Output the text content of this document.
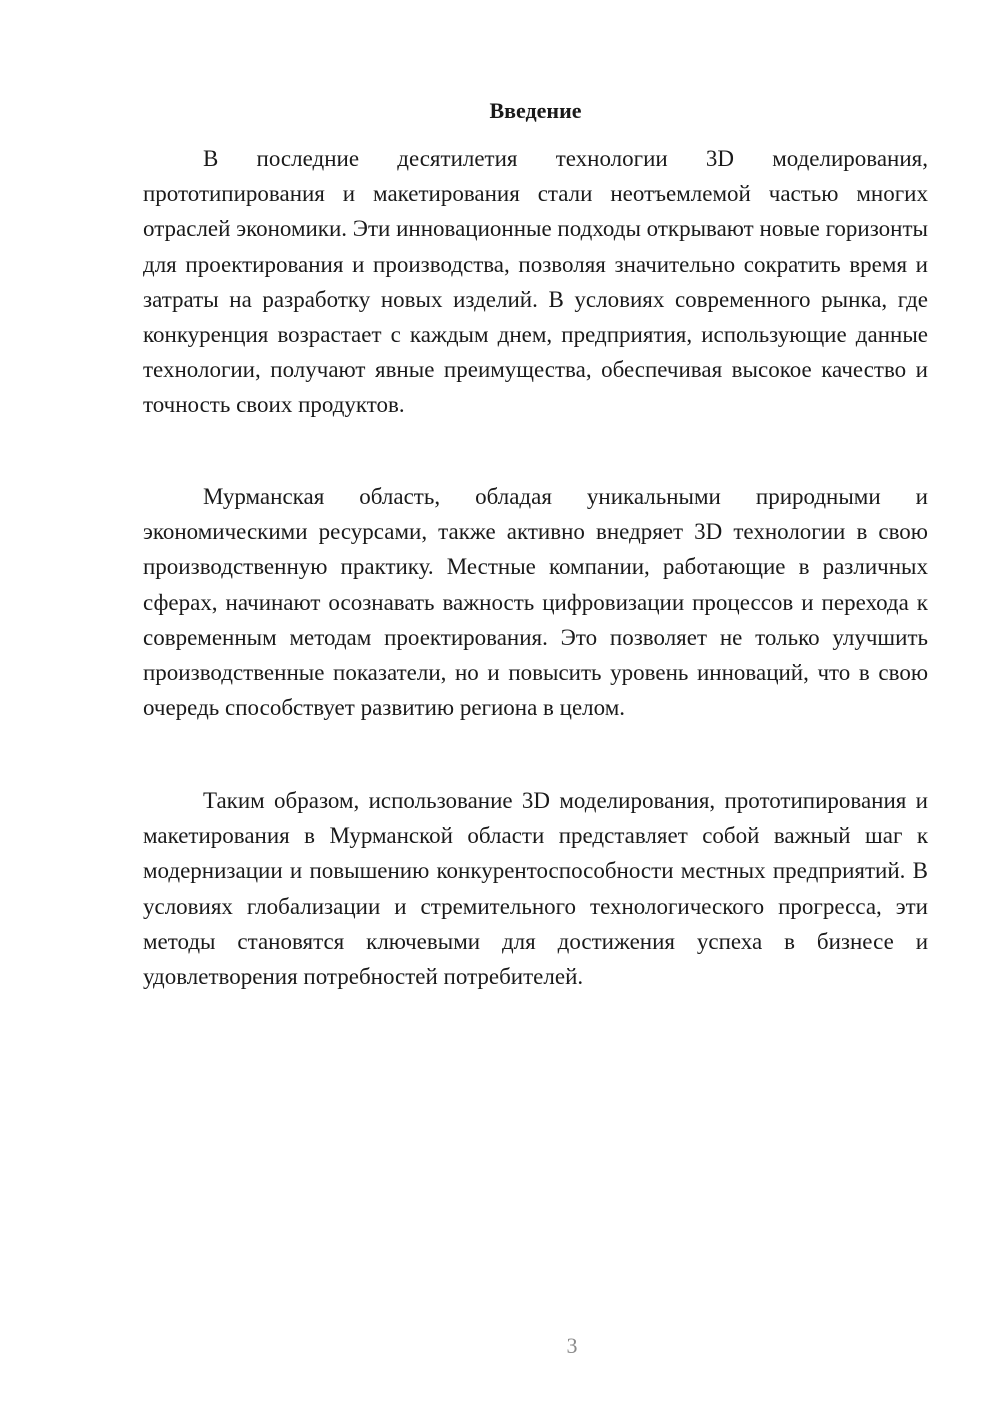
Введение

В последние десятилетия технологии 3D моделирования, прототипирования и макетирования стали неотъемлемой частью многих отраслей экономики. Эти инновационные подходы открывают новые горизонты для проектирования и производства, позволяя значительно сократить время и затраты на разработку новых изделий. В условиях современного рынка, где конкуренция возрастает с каждым днем, предприятия, использующие данные технологии, получают явные преимущества, обеспечивая высокое качество и точность своих продуктов.

Мурманская область, обладая уникальными природными и экономическими ресурсами, также активно внедряет 3D технологии в свою производственную практику. Местные компании, работающие в различных сферах, начинают осознавать важность цифровизации процессов и перехода к современным методам проектирования. Это позволяет не только улучшить производственные показатели, но и повысить уровень инноваций, что в свою очередь способствует развитию региона в целом.

Таким образом, использование 3D моделирования, прототипирования и макетирования в Мурманской области представляет собой важный шаг к модернизации и повышению конкурентоспособности местных предприятий. В условиях глобализации и стремительного технологического прогресса, эти методы становятся ключевыми для достижения успеха в бизнесе и удовлетворения потребностей потребителей.

3
